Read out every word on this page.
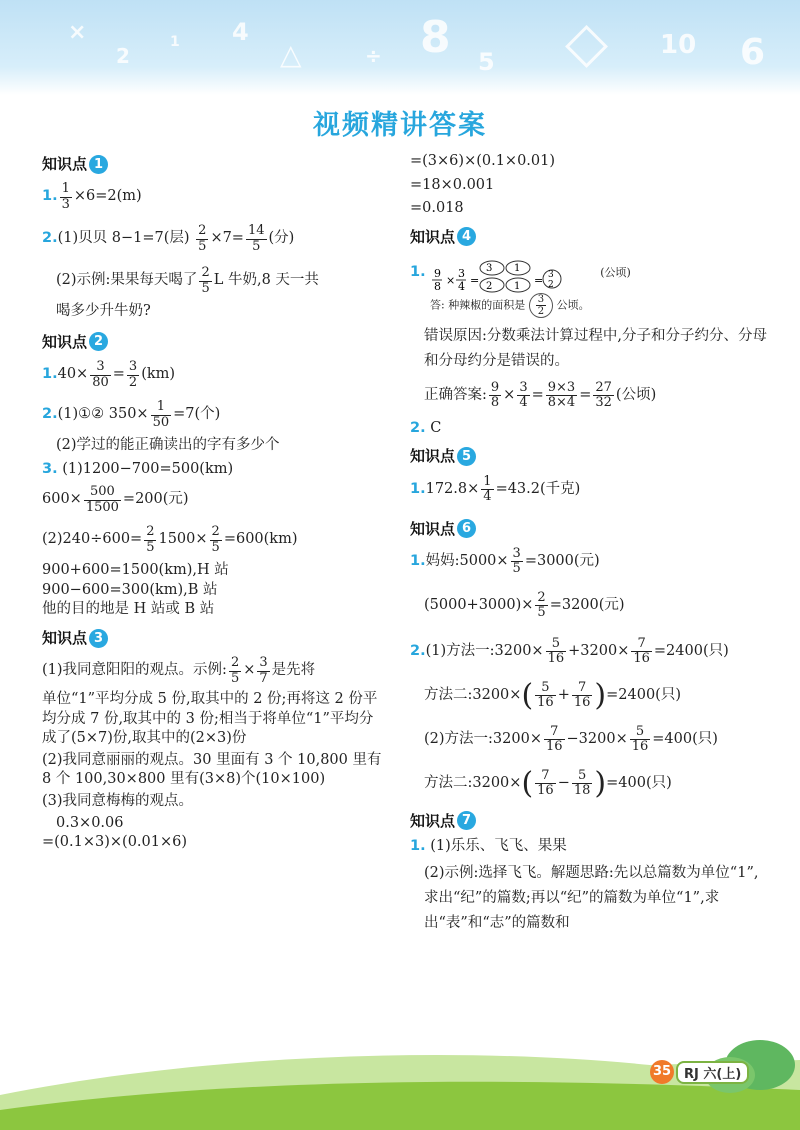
×
2
1 4
△	÷ 8 5 ◇ 10 6
视频精讲答案
知识点 1
1. $\frac{1}{3} \times 6=2(m)$
2. (1)贝贝 8−1=7(层)
$\frac{2}{5} \times 7= \frac{14}{5}$ (分)
(2)示例:果果每天喝了 $\frac{2}{5}$ L 牛奶,8 天一共
喝多少升牛奶?
知识点 2
1. $40\times \frac{3}{80} = \frac{3}{2} (km)$
2. (1)①② $350\times \frac{1}{50} =7$(个)
(2)学过的能正确读出的字有多少个
3. (1)1200−700=500(km)
$600\times \frac{500}{1500} =200$(元)
$(2)240\div 600= \frac{2}{5} 1500\times \frac{2}{5} =600(km)$
900+600=1500(km),H 站
900−600=300(km),B 站
他的目的地是 H 站或 B 站
知识点 3
(1)我同意阳阳的观点。示例: $\frac{2}{5} \times \frac{3}{7}$ 是先将
单位“1”平均分成 5 份,取其中的 2 份;再将这 2 份平均分成 7 份,取其中的 3 份;相当于将单位“1”平均分成了(5×7)份,取其中的(2×3)份
(2)我同意丽丽的观点。30 里面有 3 个 10,800 里有 8 个 100,30×800 里有(3×8)个(10×100)
(3)我同意梅梅的观点。
0.3×0.06
=(0.1×3)×(0.01×6)
=(3×6)×(0.1×0.01)
=18×0.001
=0.018
知识点 4
1.
9
8 ×
3
4 =
3
2
1
1 = 3
2
(公顷)
答: 种辣椒的面积是 $\frac{3}{2}$ 公顷。
错误原因:分数乘法计算过程中,分子和分子约分、分母和分母约分是错误的。
正确答案: $\frac{9}{8} \times \frac{3}{4} = \frac{9\times 3}{8\times 4} = \frac{27}{32}$ (公顷)
2. C
知识点 5
1. $172.8\times \frac{1}{4} =43.2$(千克)
知识点 6
1. 妈妈:5000× $\frac{3}{5} =3000$(元)
$(5000+3000)\times \frac{2}{5} =3200$(元)
2. (1)方法一:3200× $\frac{5}{16} +3200\times \frac{7}{16} =2400$(只)
方法二:3200× ( $\frac{5}{16} + \frac{7}{16}$ ) =2400(只)
(2)方法一:3200× $\frac{7}{16} -3200\times \frac{5}{16} =400$(只)
方法二:3200× ( $\frac{7}{16} - \frac{5}{18}$ ) =400(只)
知识点 7
1. (1)乐乐、飞飞、果果
(2)示例:选择飞飞。解题思路:先以总篇数为单位“1”,求出“纪”的篇数;再以“纪”的篇数为单位“1”,求出“表”和“志”的篇数和
35 RJ 六(上)
